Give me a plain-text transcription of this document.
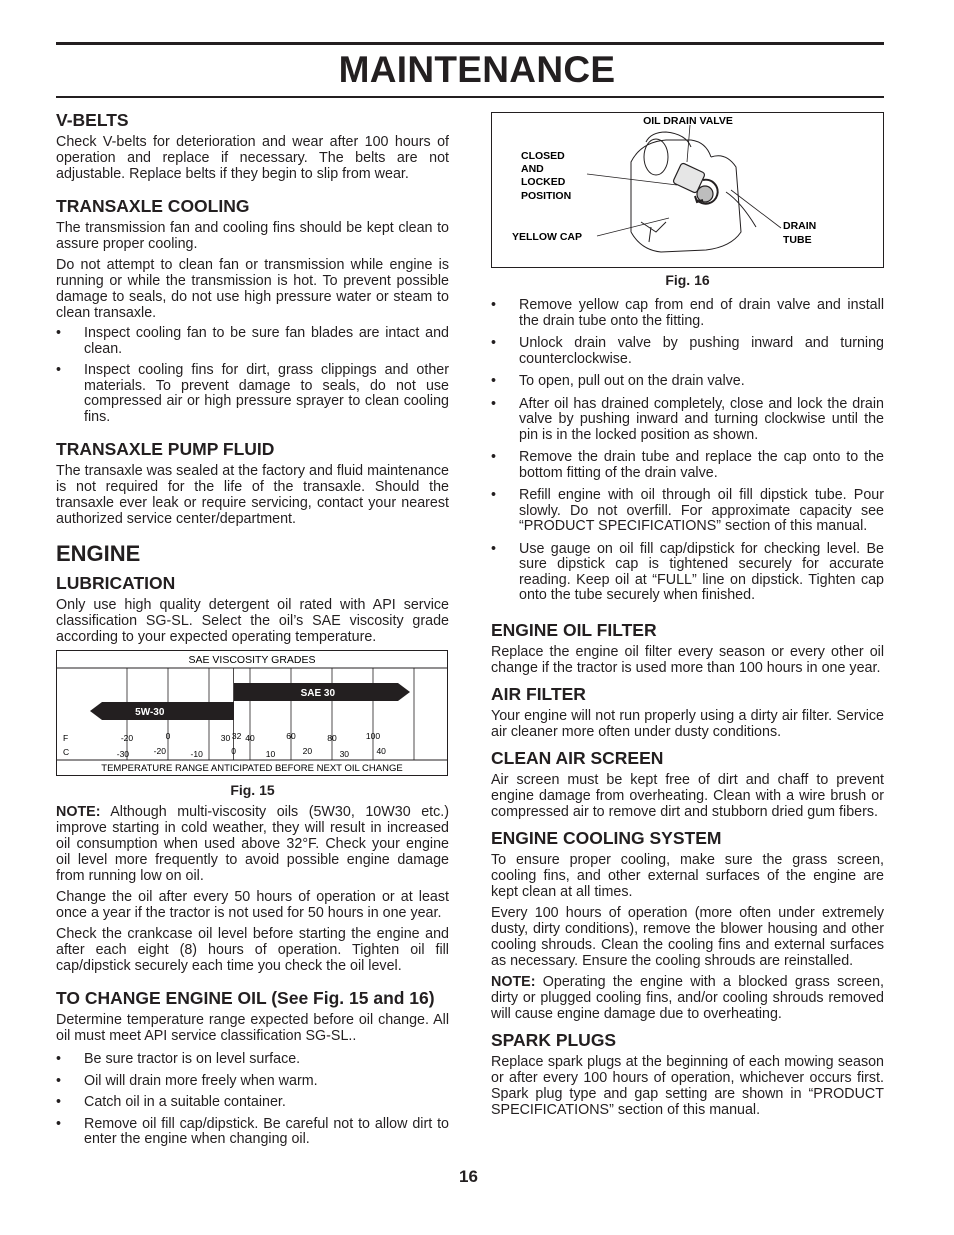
MAINTENANCE
V-BELTS

Check V-belts for deterioration and wear after 100 hours of operation and replace if necessary. The belts are not adjustable. Replace belts if they begin to slip from wear.

TRANSAXLE COOLING

The transmission fan and cooling fins should be kept clean to assure proper cooling.

Do not attempt to clean fan or transmission while engine is running or while the transmission is hot. To prevent possible damage to seals, do not use high pressure water or steam to clean transaxle.

• Inspect cooling fan to be sure fan blades are intact and clean.
• Inspect cooling fins for dirt, grass clippings and other materials. To prevent damage to seals, do not use compressed air or high pressure sprayer to clean cooling fins.
TRANSAXLE PUMP FLUID

The transaxle was sealed at the factory and fluid maintenance is not required for the life of the transaxle. Should the transaxle ever leak or require servicing, contact your nearest authorized service center/department.

ENGINE
LUBRICATION

Only use high quality detergent oil rated with API service classification SG-SL. Select the oil’s SAE viscosity grade according to your expected operating temperature.

SAE VISCOSITY GRADES
5W-30
SAE 30
F
C
-20	0	30 32 40	60	80	100
-30	-20	-10	0	10	20	30	40
TEMPERATURE RANGE ANTICIPATED BEFORE NEXT OIL CHANGE
Fig. 15

NOTE: Although multi-viscosity oils (5W30, 10W30 etc.) improve starting in cold weather, they will result in increased oil consumption when used above 32°F. Check your engine oil level more frequently to avoid possible engine damage from running low on oil.

Change the oil after every 50 hours of operation or at least once a year if the tractor is not used for 50 hours in one year.

Check the crankcase oil level before starting the engine and after each eight (8) hours of operation. Tighten oil fill cap/dipstick securely each time you check the oil level.

TO CHANGE ENGINE OIL (See Fig. 15 and 16)

Determine temperature range expected before oil change. All oil must meet API service classification SG-SL..

• Be sure tractor is on level surface.
• Oil will drain more freely when warm.
• Catch oil in a suitable container.
• Remove oil fill cap/dipstick. Be careful not to allow dirt to enter the engine when changing oil.
OIL DRAIN VALVE
CLOSED
AND
LOCKED
POSITION
YELLOW CAP
DRAIN
TUBE
Fig. 16
• Remove yellow cap from end of drain valve and install the drain tube onto the fitting.
• Unlock drain valve by pushing inward and turning counterclockwise.
• To open, pull out on the drain valve.
• After oil has drained completely, close and lock the drain valve by pushing inward and turning clockwise until the pin is in the locked position as shown.
• Remove the drain tube and replace the cap onto to the bottom fitting of the drain valve.
• Refill engine with oil through oil fill dipstick tube. Pour slowly. Do not overfill. For approximate capacity see “PRODUCT SPECIFICATIONS” section of this manual.
• Use gauge on oil fill cap/dipstick for checking level. Be sure dipstick cap is tightened securely for accurate reading. Keep oil at “FULL” line on dipstick. Tighten cap onto the tube securely when finished.
ENGINE OIL FILTER

Replace the engine oil filter every season or every other oil change if the tractor is used more than 100 hours in one year.

AIR FILTER

Your engine will not run properly using a dirty air filter. Service air cleaner more often under dusty conditions.

CLEAN AIR SCREEN

Air screen must be kept free of dirt and chaff to prevent engine damage from overheating. Clean with a wire brush or compressed air to remove dirt and stubborn dried gum fibers.

ENGINE COOLING SYSTEM

To ensure proper cooling, make sure the grass screen, cooling fins, and other external surfaces of the engine are kept clean at all times.

Every 100 hours of operation (more often under extremely dusty, dirty conditions), remove the blower housing and other cooling shrouds. Clean the cooling fins and external surfaces as necessary. Ensure the cooling shrouds are reinstalled.

NOTE: Operating the engine with a blocked grass screen, dirty or plugged cooling fins, and/or cooling shrouds removed will cause engine damage due to overheating.

SPARK PLUGS

Replace spark plugs at the beginning of each mowing season or after every 100 hours of operation, whichever occurs first. Spark plug type and gap setting are shown in “PRODUCT SPECIFICATIONS” section of this manual.

16
